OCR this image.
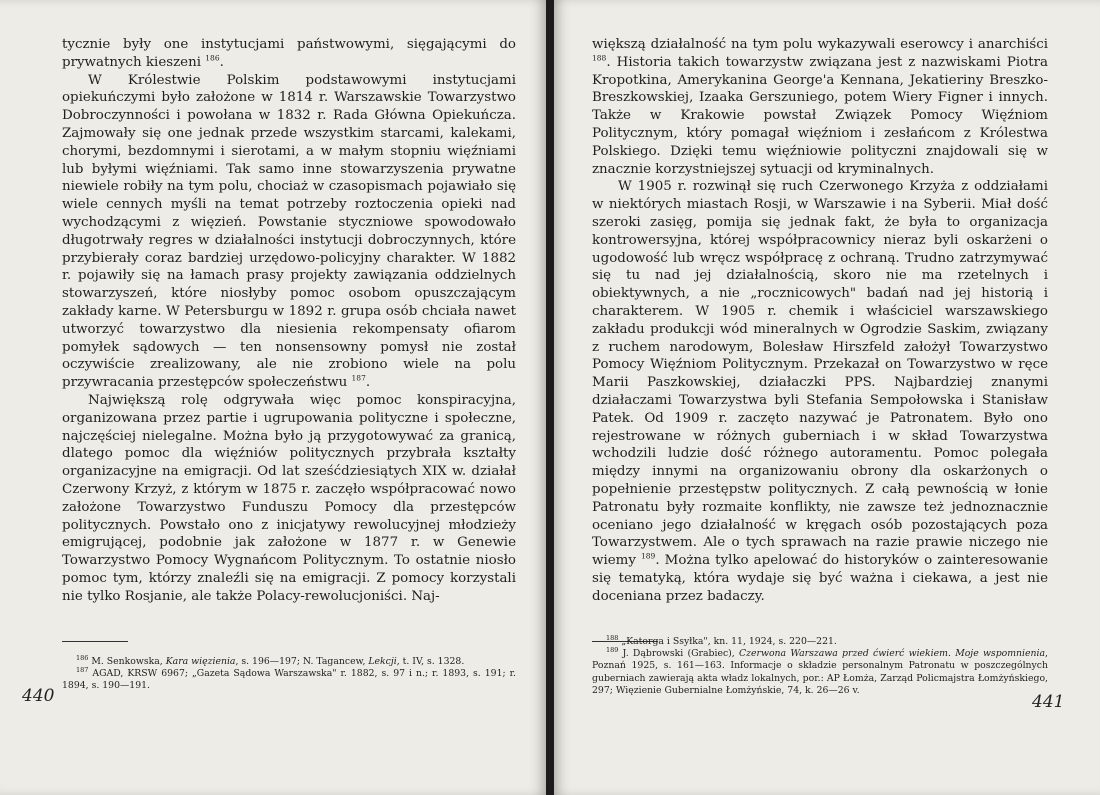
tycznie były one instytucjami państwowymi, sięgającymi do prywatnych kieszeni $^{186}$.

W Królestwie Polskim podstawowymi instytucjami opiekuńczymi było założone w 1814 r. Warszawskie Towarzystwo Dobroczynności i powołana w 1832 r. Rada Główna Opiekuńcza. Zajmowały się one jednak przede wszystkim starcami, kalekami, chorymi, bezdomnymi i sierotami, a w małym stopniu więźniami lub byłymi więźniami. Tak samo inne stowarzyszenia prywatne niewiele robiły na tym polu, chociaż w czasopismach pojawiało się wiele cennych myśli na temat potrzeby roztoczenia opieki nad wychodzącymi z więzień. Powstanie styczniowe spowodowało długotrwały regres w działalności instytucji dobroczynnych, które przybierały coraz bardziej urzędowo-policyjny charakter. W 1882 r. pojawiły się na łamach prasy projekty zawiązania oddzielnych stowarzyszeń, które niosłyby pomoc osobom opuszczającym zakłady karne. W Petersburgu w 1892 r. grupa osób chciała nawet utworzyć towarzystwo dla niesienia rekompensaty ofiarom pomyłek sądowych — ten nonsensowny pomysł nie został oczywiście zrealizowany, ale nie zrobiono wiele na polu przywracania przestępców społeczeństwu $^{187}$.

Największą rolę odgrywała więc pomoc konspiracyjna, organizowana przez partie i ugrupowania polityczne i społeczne, najczęściej nielegalne. Można było ją przygotowywać za granicą, dlatego pomoc dla więźniów politycznych przybrała kształty organizacyjne na emigracji. Od lat sześćdziesiątych XIX w. działał Czerwony Krzyż, z którym w 1875 r. zaczęło współpracować nowo założone Towarzystwo Funduszu Pomocy dla przestępców politycznych. Powstało ono z inicjatywy rewolucyjnej młodzieży emigrującej, podobnie jak założone w 1877 r. w Genewie Towarzystwo Pomocy Wygnańcom Politycznym. To ostatnie niosło pomoc tym, którzy znaleźli się na emigracji. Z pomocy korzystali nie tylko Rosjanie, ale także Polacy-rewolucjoniści. Naj-

$^{186}$ M. Senkowska, Kara więzienia, s. 196—197; N. Tagancew, Lekcji, t. IV, s. 1328.

$^{187}$ AGAD, KRSW 6967; „Gazeta Sądowa Warszawska" r. 1882, s. 97 i n.; r. 1893, s. 191; r. 1894, s. 190—191.

440

większą działalność na tym polu wykazywali eserowcy i anarchiści $^{188}$. Historia takich towarzystw związana jest z nazwiskami Piotra Kropotkina, Amerykanina George'a Kennana, Jekatieriny Breszko-Breszkowskiej, Izaaka Gerszuniego, potem Wiery Figner i innych. Także w Krakowie powstał Związek Pomocy Więźniom Politycznym, który pomagał więźniom i zesłańcom z Królestwa Polskiego. Dzięki temu więźniowie polityczni znajdowali się w znacznie korzystniejszej sytuacji od kryminalnych.

W 1905 r. rozwinął się ruch Czerwonego Krzyża z oddziałami w niektórych miastach Rosji, w Warszawie i na Syberii. Miał dość szeroki zasięg, pomija się jednak fakt, że była to organizacja kontrowersyjna, której współpracownicy nieraz byli oskarżeni o ugodowość lub wręcz współpracę z ochraną. Trudno zatrzymywać się tu nad jej działalnością, skoro nie ma rzetelnych i obiektywnych, a nie „rocznicowych" badań nad jej historią i charakterem. W 1905 r. chemik i właściciel warszawskiego zakładu produkcji wód mineralnych w Ogrodzie Saskim, związany z ruchem narodowym, Bolesław Hirszfeld założył Towarzystwo Pomocy Więźniom Politycznym. Przekazał on Towarzystwo w ręce Marii Paszkowskiej, działaczki PPS. Najbardziej znanymi działaczami Towarzystwa byli Stefania Sempołowska i Stanisław Patek. Od 1909 r. zaczęto nazywać je Patronatem. Było ono rejestrowane w różnych guberniach i w skład Towarzystwa wchodzili ludzie dość różnego autoramentu. Pomoc polegała między innymi na organizowaniu obrony dla oskarżonych o popełnienie przestępstw politycznych. Z całą pewnością w łonie Patronatu były rozmaite konflikty, nie zawsze też jednoznacznie oceniano jego działalność w kręgach osób pozostających poza Towarzystwem. Ale o tych sprawach na razie prawie niczego nie wiemy $^{189}$. Można tylko apelować do historyków o zainteresowanie się tematyką, która wydaje się być ważna i ciekawa, a jest nie doceniana przez badaczy.

$^{188}$ „Katorga i Ssyłka", kn. 11, 1924, s. 220—221.

$^{189}$ J. Dąbrowski (Grabiec), Czerwona Warszawa przed ćwierć wiekiem. Moje wspomnienia, Poznań 1925, s. 161—163. Informacje o składzie personalnym Patronatu w poszczególnych guberniach zawierają akta władz lokalnych, por.: AP Łomża, Zarząd Policmajstra Łomżyńskiego, 297; Więzienie Gubernialne Łomżyńskie, 74, k. 26—26 v.

441
